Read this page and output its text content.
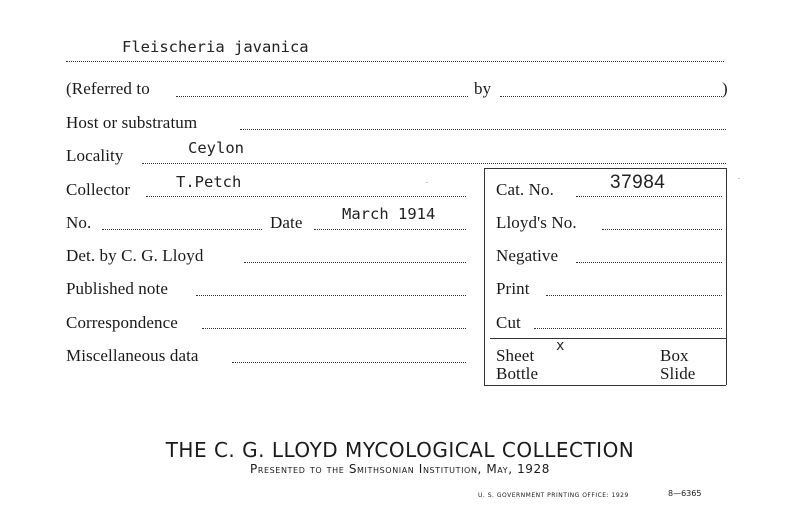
Fleischeria javanica
(Referred to	by	)
Host or substratum
Locality	Ceylon
Collector	T.Petch	Cat. No.	37984
No.	Date	March 1914	Lloyd's No.
Det. by C. G. Lloyd	Negative
Published note	Print
Correspondence	Cut
Miscellaneous data	Sheet x	Box
Bottle	Slide
THE C. G. LLOYD MYCOLOGICAL COLLECTION
Presented to the Smithsonian Institution, May, 1928
U. S. GOVERNMENT PRINTING OFFICE: 1929	8—6365
·
·
